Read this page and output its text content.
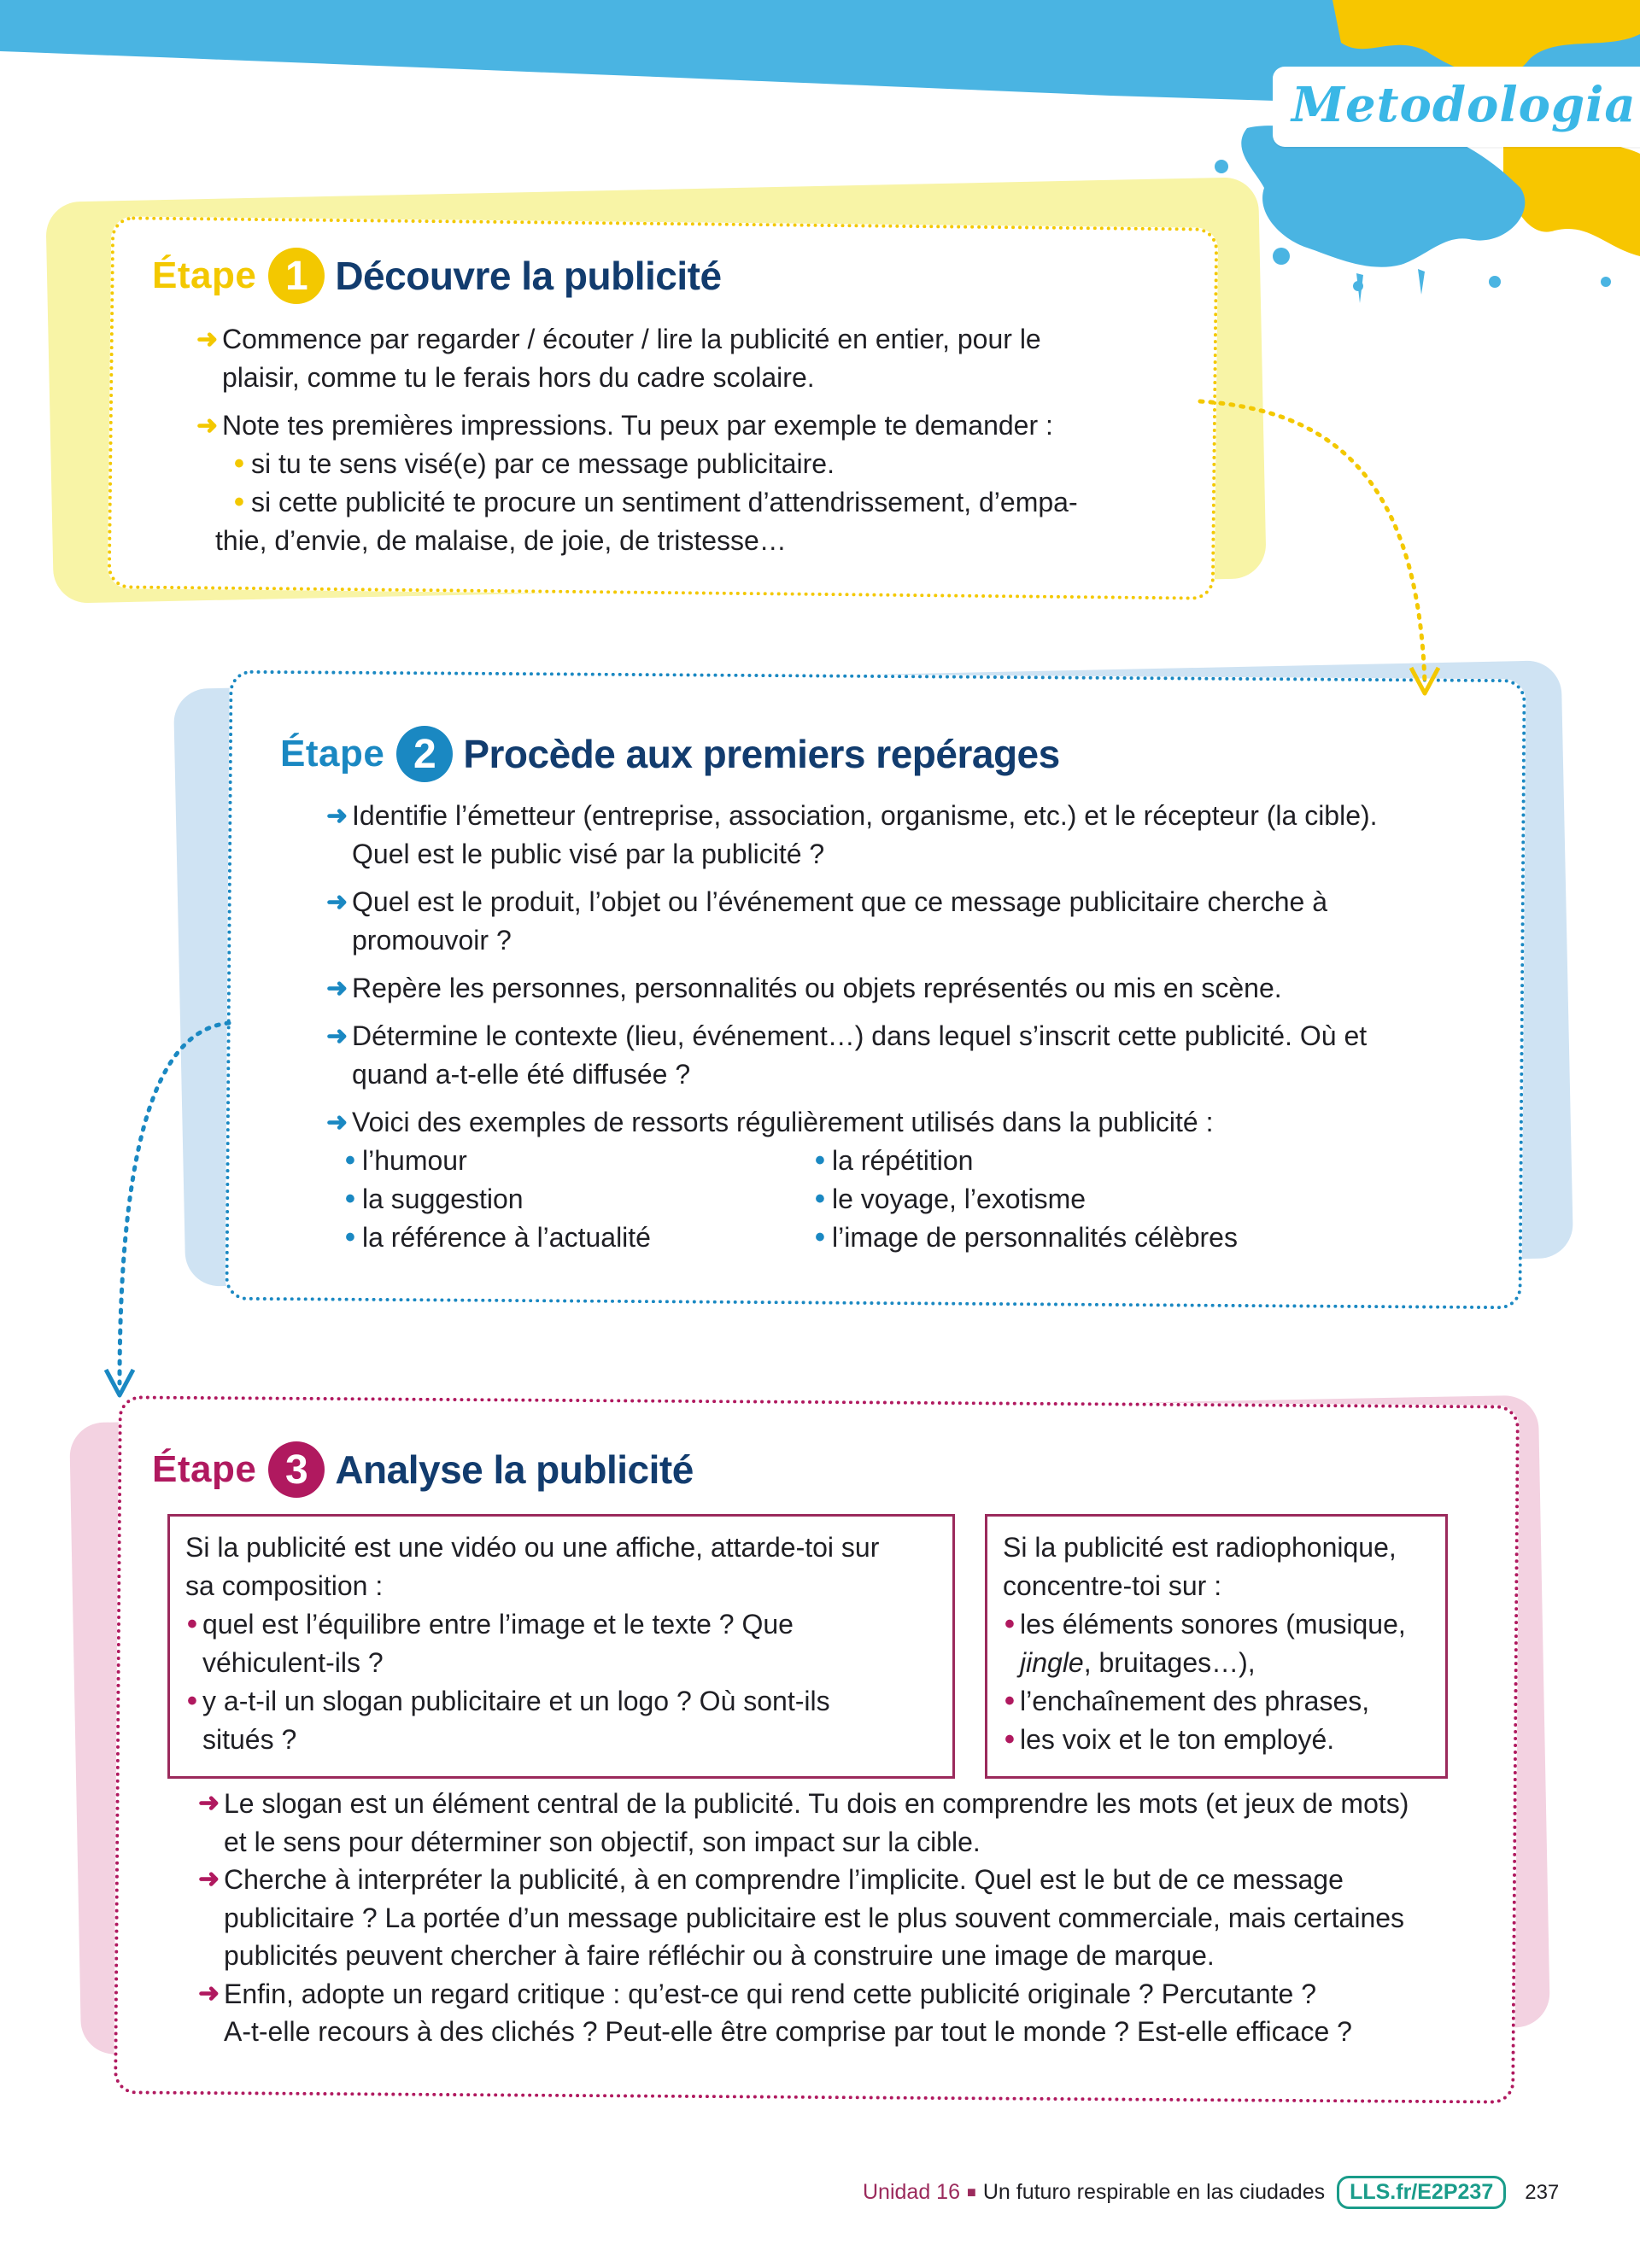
Metodologia
Étape 1 Découvre la publicité

➜ Commence par regarder / écouter / lire la publicité en entier, pour le
plaisir, comme tu le ferais hors du cadre scolaire.

➜ Note tes premières impressions. Tu peux par exemple te demander :

• si tu te sens visé(e) par ce message publicitaire.
• si cette publicité te procure un sentiment d’attendrissement, d’empa-
thie, d’envie, de malaise, de joie, de tristesse…
Étape 2 Procède aux premiers repérages

➜ Identifie l’émetteur (entreprise, association, organisme, etc.) et le récepteur (la cible).
Quel est le public visé par la publicité ?

➜ Quel est le produit, l’objet ou l’événement que ce message publicitaire cherche à
promouvoir ?

➜ Repère les personnes, personnalités ou objets représentés ou mis en scène.

➜ Détermine le contexte (lieu, événement…) dans lequel s’inscrit cette publicité. Où et
quand a-t-elle été diffusée ?

➜ Voici des exemples de ressorts régulièrement utilisés dans la publicité :

• l’humour
• la suggestion
• la référence à l’actualité
• la répétition
• le voyage, l’exotisme
• l’image de personnalités célèbres
Étape 3 Analyse la publicité
Si la publicité est une vidéo ou une affiche, attarde-toi sur
sa composition :
• quel est l’équilibre entre l’image et le texte ? Que
véhiculent-ils ?
• y a-t-il un slogan publicitaire et un logo ? Où sont-ils
situés ?
Si la publicité est radiophonique,
concentre-toi sur :
• les éléments sonores (musique,
jingle, bruitages…),
• l’enchaînement des phrases,
• les voix et le ton employé.

➜ Le slogan est un élément central de la publicité. Tu dois en comprendre les mots (et jeux de mots)
et le sens pour déterminer son objectif, son impact sur la cible.

➜ Cherche à interpréter la publicité, à en comprendre l’implicite. Quel est le but de ce message
publicitaire ? La portée d’un message publicitaire est le plus souvent commerciale, mais certaines
publicités peuvent chercher à faire réfléchir ou à construire une image de marque.

➜ Enfin, adopte un regard critique : qu’est-ce qui rend cette publicité originale ? Percutante ?
A-t-elle recours à des clichés ? Peut-elle être comprise par tout le monde ? Est-elle efficace ?

Unidad 16 ■ Un futuro respirable en las ciudades	LLS.fr/E2P237	237
